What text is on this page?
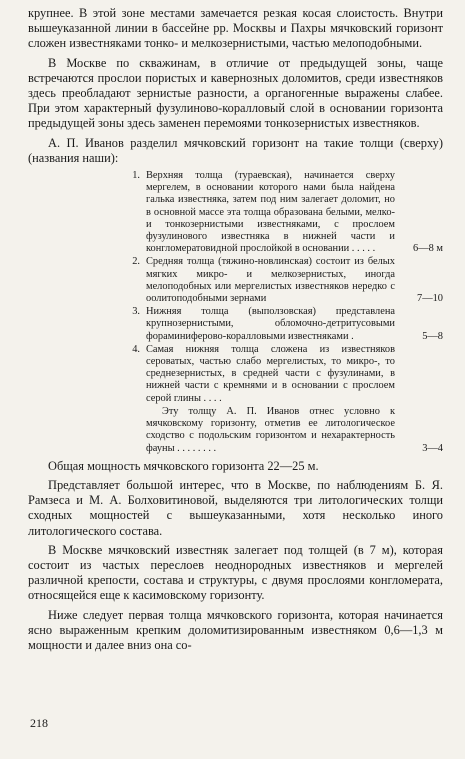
крупнее. В этой зоне местами замечается резкая косая слоистость. Внутри вышеуказанной линии в бассейне рр. Москвы и Пахры мячковский горизонт сложен известняками тонко- и мелкозернистыми, частью мелоподобными.

В Москве по скважинам, в отличие от предыдущей зоны, чаще встречаются прослои пористых и кавернозных доломитов, среди известняков здесь преобладают зернистые разности, а органогенные выражены слабее. При этом характерный фузулиново-коралловый слой в основании горизонта предыдущей зоны здесь заменен перемоями тонкозернистых известняков.

А. П. Иванов разделил мячковский горизонт на такие толщи (сверху) (названия наши):

1. Верхняя толща (тураевская), начинается сверху мергелем, в основании которого нами была найдена галька известняка, затем под ним залегает доломит, но в основной массе эта толща образована белыми, мелко- и тонкозернистыми известняками, с прослоем фузулинового известняка в нижней части и конгломератовидной прослойкой в основании . . . . .	6—8 м
2. Средняя толща (тяжино-новлинская) состоит из белых мягких микро- и мелкозернистых, иногда мелоподобных или мергелистых известняков нередко с оолитоподобными зернами	7—10
3. Нижняя толща (выползовская) представлена крупнозернистыми, обломочно-детритусовыми фораминиферово-коралловыми известняками .	5—8
4. Самая нижняя толща сложена из известняков сероватых, частью слабо мергелистых, то микро-, то среднезернистых, в средней части с фузулинами, в нижней части с кремнями и в основании с прослоем серой глины . . . .
Эту толщу А. П. Иванов отнес условно к мячковскому горизонту, отметив ее литологическое сходство с подольским горизонтом и нехарактерность фауны . . . . . . . .	3—4

Общая мощность мячковского горизонта 22—25 м.

Представляет большой интерес, что в Москве, по наблюдениям Б. Я. Рамзеса и М. А. Болховитиновой, выделяются три литологических толщи сходных мощностей с вышеуказанными, хотя несколько иного литологического состава.

В Москве мячковский известняк залегает под толщей (в 7 м), которая состоит из частых переслоев неоднородных известняков и мергелей различной крепости, состава и структуры, с двумя прослоями конгломерата, относящейся еще к касимовскому горизонту.

Ниже следует первая толща мячковского горизонта, которая начинается ясно выраженным крепким доломитизированным известняком 0,6—1,3 м мощности и далее вниз она со-

218
